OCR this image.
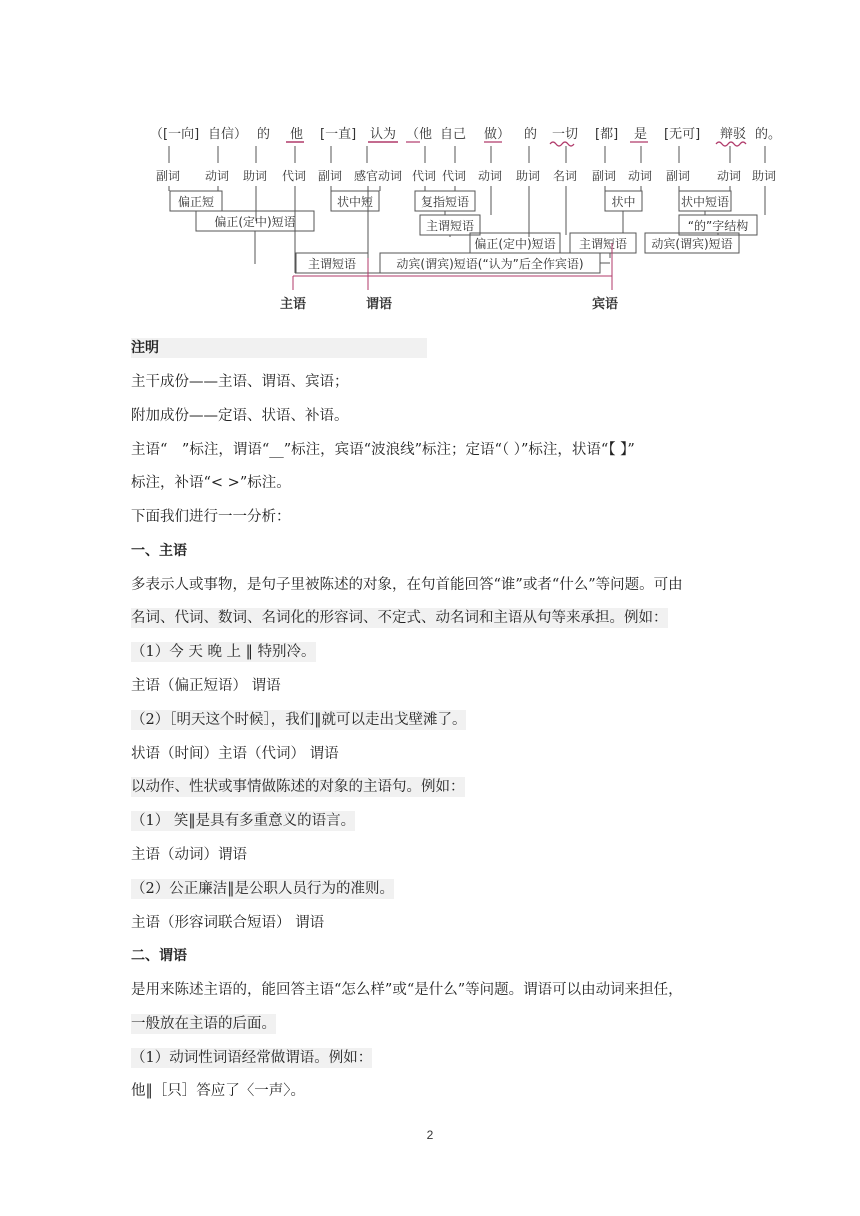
（[一向] 自信） 的 他 [一直] 认为 （他 自己 做） 的 一切 [都] 是 [无可] 辩驳 的。
副词 动词 助词 代词 副词 感官动词 代词 代词 动词 助词 名词 副词 动词 副词 动词 助词
偏正短	状中短	复指短语	状中	状中短语
偏正(定中)短语	主谓短语	“的”字结构
偏正(定中)短语 主谓短语 动宾(谓宾)短语
主谓短语	动宾(谓宾)短语(“认为”后全作宾语)
主语	谓语	宾语
注明
主干成份——主语、谓语、宾语；
附加成份——定语、状语、补语。
主语“　”标注，谓语“__”标注，宾语“波浪线”标注；定语“（ ）”标注，状语“【 】”
标注，补语“< >”标注。
下面我们进行一一分析：
一、主语
多表示人或事物，是句子里被陈述的对象，在句首能回答“谁”或者“什么”等问题。可由
名词、代词、数词、名词化的形容词、不定式、动名词和主语从句等来承担。例如：
（1）今 天 晚 上 ‖ 特别冷。
主语（偏正短语） 谓语
（2）［明天这个时候］，我们‖就可以走出戈壁滩了。
状语（时间）主语（代词） 谓语
以动作、性状或事情做陈述的对象的主语句。例如：
（1） 笑‖是具有多重意义的语言。
主语（动词）谓语
（2）公正廉洁‖是公职人员行为的准则。
主语（形容词联合短语） 谓语
二、谓语
是用来陈述主语的，能回答主语“怎么样”或“是什么”等问题。谓语可以由动词来担任，
一般放在主语的后面。
（1）动词性词语经常做谓语。例如：
他‖［只］答应了〈一声〉。
2
